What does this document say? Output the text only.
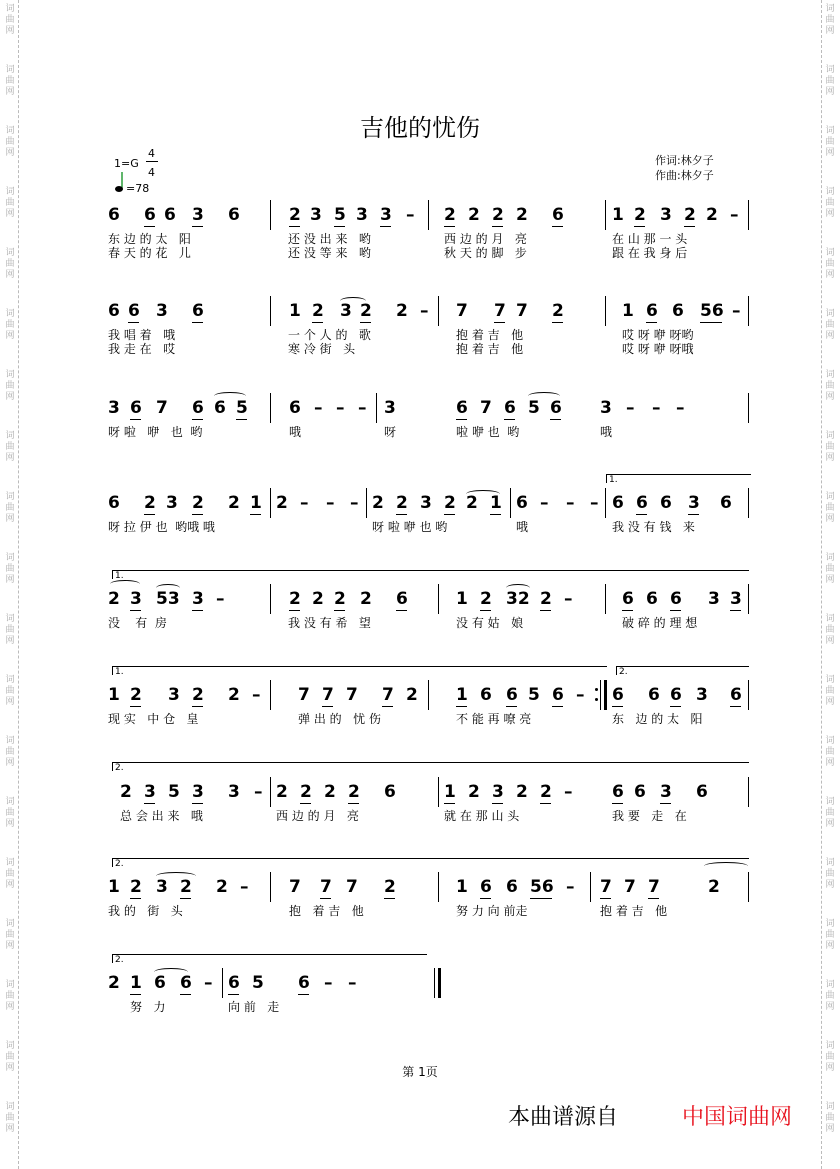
吉他的忧伤
1=G
4
4
=78
作词:林夕子
作曲:林夕子
6 6 6 3 6	2 3 5 3 3 – 2 2 2 2 6	1 2 3 2 2 –
东 边 的 太   阳	还 没 出 来   哟	西 边 的 月   亮	在 山 那 一 头
春 天 的 花   儿	还 没 等 来   哟	秋 天 的 脚   步	跟 在 我 身 后
6 6 3 6	1 2 3 2 2 – 7 7 7 2	1 6 6 56 –
我 唱 着   哦	一 个 人 的   歌	抱 着 吉   他	哎 呀 咿 呀哟
我 走 在   哎	寒 冷 街   头	抱 着 吉   他	哎 呀 咿 呀哦
3 6 7 6 6 5 6 – – – 3	6 7 6 5 6 3 – – –
呀 啦   咿   也  哟	哦	呀	啦 咿 也  哟	哦
6 2 3 2 2 1 2 – – – 2 2 3 2 2 1 6 – – – 6 6 6 3 6
呀 拉 伊 也  哟哦 哦	呀 啦 咿 也 哟	哦	我 没 有 钱   来
2 3 53 3 –	2 2 2 2 6	1 2 32 2 –	6 6 6 3 3
没    有  房	我 没 有 希   望	没 有 姑   娘	破 碎 的 理 想
1 2 3 2 2 – 7 7 7 7 2 1 6 6 5 6 – 6 6 6 3 6
现 实   中 仓   皇	弹 出 的   忧 伤	不 能 再 嘹 亮	东   边 的 太   阳
2 3 5 3 3 – 2 2 2 2 6	1 2 3 2 2 – 6 6 3 6
总 会 出 来   哦	西 边 的 月   亮	就 在 那 山 头	我 要   走   在
1 2 3 2 2 – 7 7 7 2	1 6 6 56 – 7 7 7	2
我 的   街   头	抱   着 吉   他	努 力 向 前走	抱 着 吉   他
2 1 6 6 – 6 5 6 – –
努   力	向 前   走
1.
1.
1.	2.
2.
2.
2.
第 1页
本曲谱源自	中国词曲网
词曲网
词曲网
词曲网
词曲网
词曲网
词曲网
词曲网
词曲网
词曲网
词曲网
词曲网
词曲网
词曲网
词曲网
词曲网
词曲网
词曲网
词曲网
词曲网
词曲网
词曲网
词曲网
词曲网
词曲网
词曲网
词曲网
词曲网
词曲网
词曲网
词曲网
词曲网
词曲网
词曲网
词曲网
词曲网
词曲网
词曲网
词曲网
